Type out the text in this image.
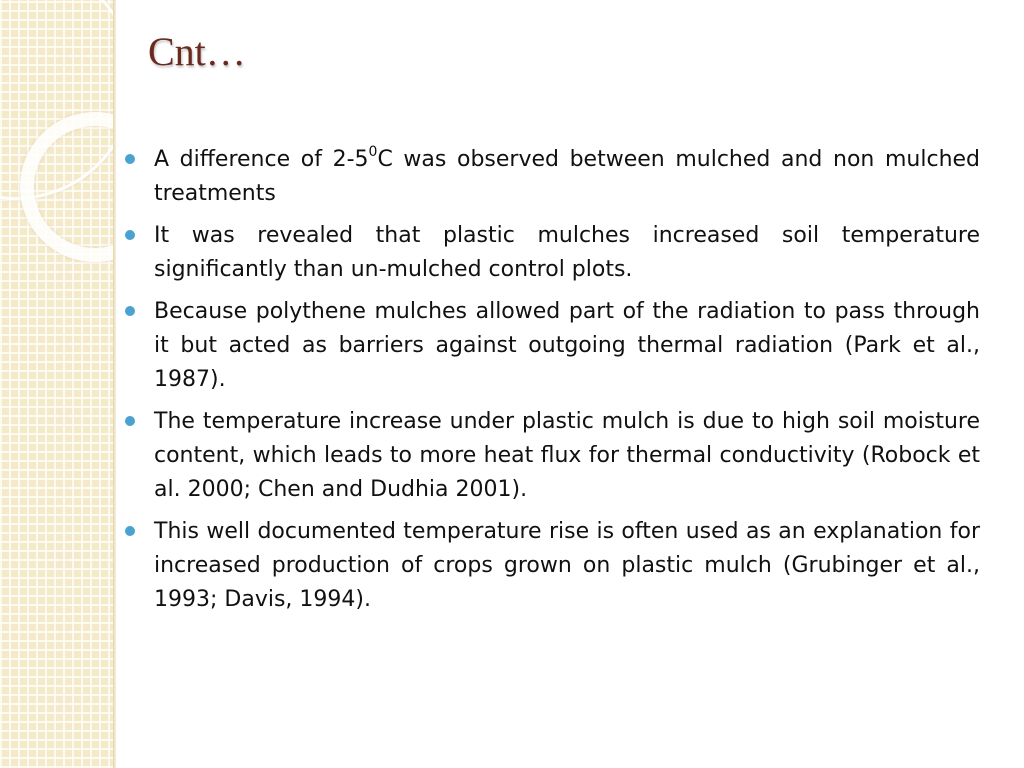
Cnt…
A difference of $2-5^0C$ was observed between mulched and non mulched treatments
It was revealed that plastic mulches increased soil temperature significantly than un-mulched control plots.
Because polythene mulches allowed part of the radiation to pass through it but acted as barriers against outgoing thermal radiation (Park et al., 1987).
The temperature increase under plastic mulch is due to high soil moisture content, which leads to more heat flux for thermal conductivity (Robock et al. 2000; Chen and Dudhia 2001).
This well documented temperature rise is often used as an explanation for increased production of crops grown on plastic mulch (Grubinger et al., 1993; Davis, 1994).
